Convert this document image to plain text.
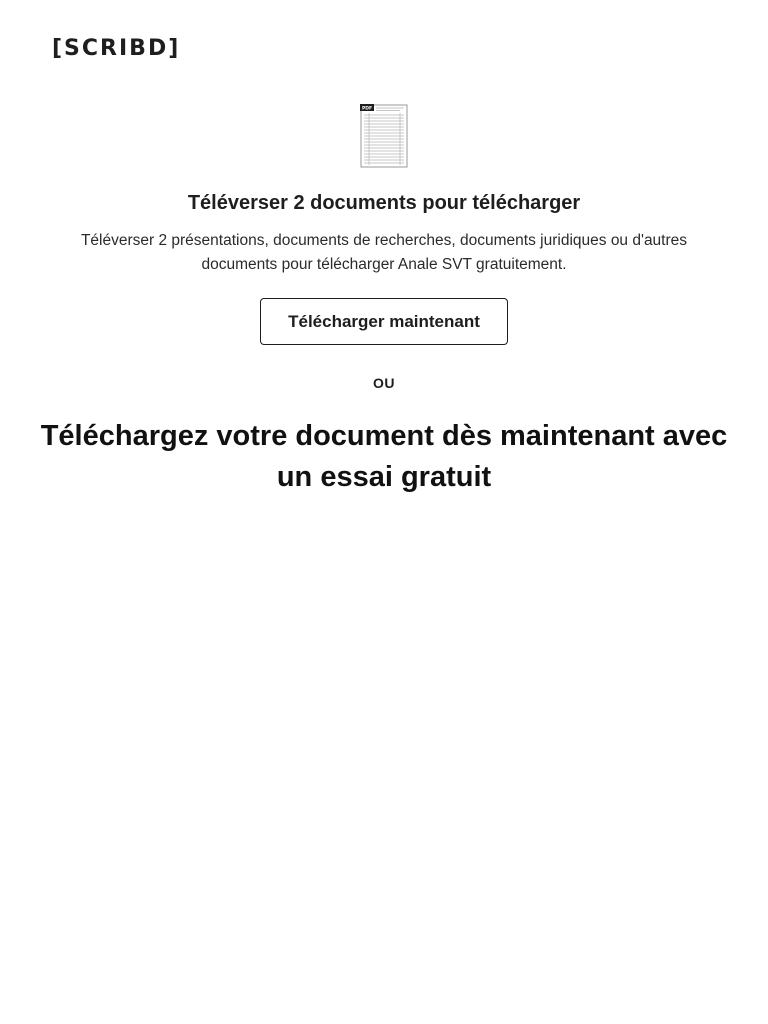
[SCRIBD]
PDF
Téléverser 2 documents pour télécharger
Téléverser 2 présentations, documents de recherches, documents juridiques ou d'autres documents pour télécharger Anale SVT gratuitement.
Télécharger maintenant
OU
Téléchargez votre document dès maintenant avec un essai gratuit
